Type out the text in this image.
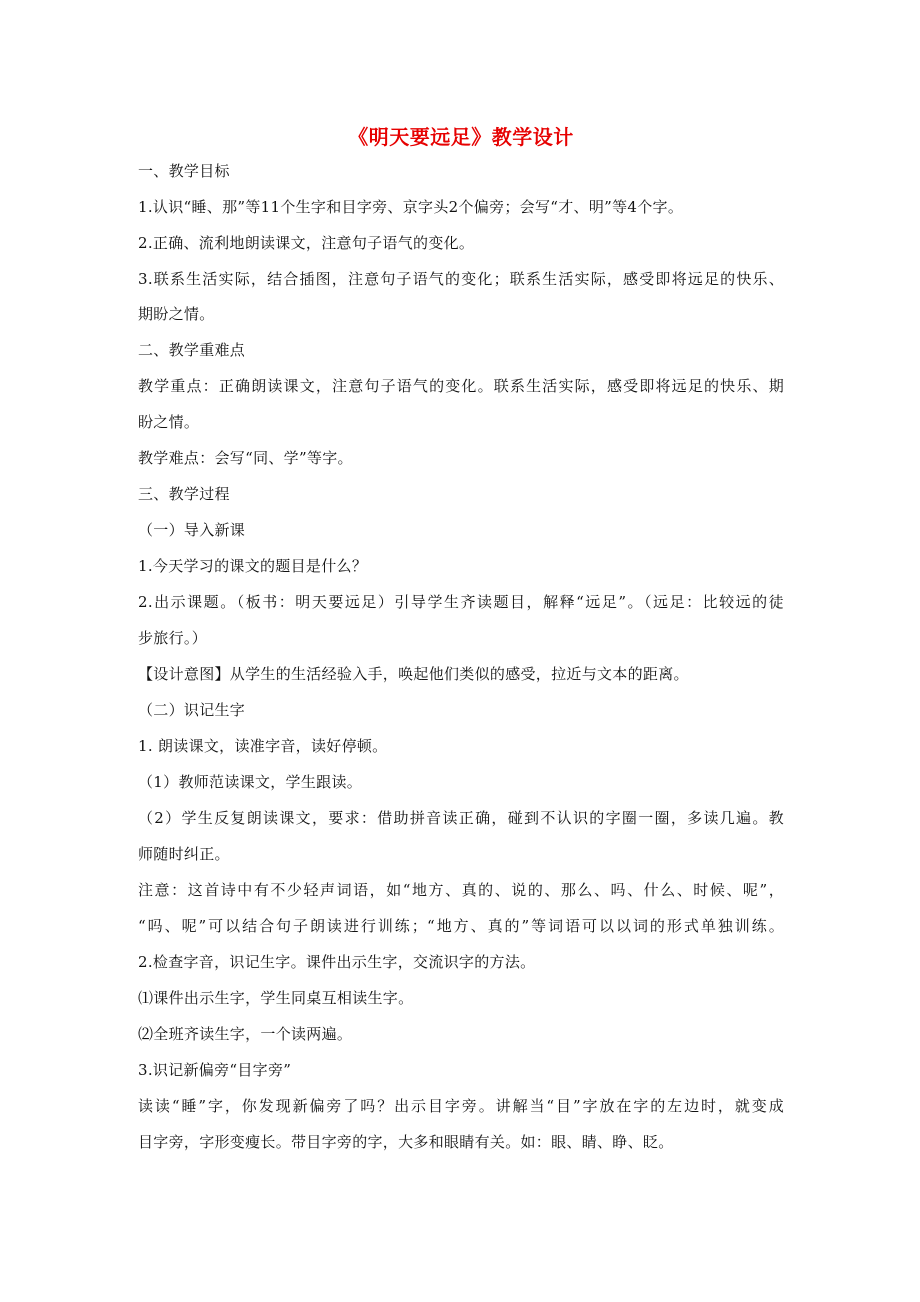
《明天要远足》教学设计
一、教学目标
1.认识“睡、那”等11个生字和目字旁、京字头2个偏旁；会写“才、明”等4个字。
2.正确、流利地朗读课文，注意句子语气的变化。
3.联系生活实际，结合插图，注意句子语气的变化；联系生活实际，感受即将远足的快乐、
期盼之情。
二、教学重难点
教学重点：正确朗读课文，注意句子语气的变化。联系生活实际，感受即将远足的快乐、期
盼之情。
教学难点：会写“同、学”等字。
三、教学过程
（一）导入新课
1.今天学习的课文的题目是什么？
2.出示课题。（板书：明天要远足）引导学生齐读题目，解释“远足”。（远足：比较远的徒
步旅行。）
【设计意图】从学生的生活经验入手，唤起他们类似的感受，拉近与文本的距离。
（二）识记生字
1. 朗读课文，读准字音，读好停顿。
（1）教师范读课文，学生跟读。
（2）学生反复朗读课文，要求：借助拼音读正确，碰到不认识的字圈一圈，多读几遍。教
师随时纠正。
注意：这首诗中有不少轻声词语，如“地方、真的、说的、那么、吗、什么、时候、呢”，
“吗、呢”可以结合句子朗读进行训练；“地方、真的”等词语可以以词的形式单独训练。
2.检查字音，识记生字。课件出示生字，交流识字的方法。
⑴课件出示生字，学生同桌互相读生字。
⑵全班齐读生字，一个读两遍。
3.识记新偏旁“目字旁”
读读“睡”字，你发现新偏旁了吗？出示目字旁。讲解当“目”字放在字的左边时，就变成
目字旁，字形变瘦长。带目字旁的字，大多和眼睛有关。如：眼、睛、睁、眨。
